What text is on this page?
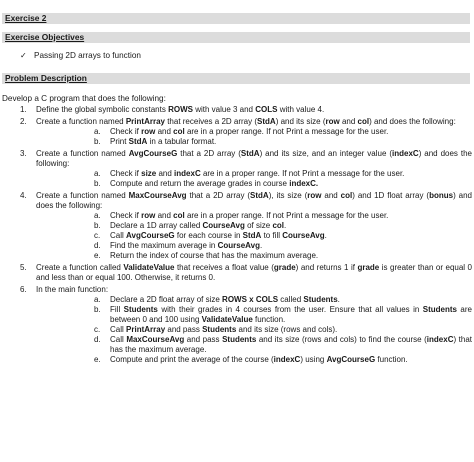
Exercise 2
Exercise Objectives
✓ Passing 2D arrays to function
Problem Description
Develop a C program that does the following:
1. Define the global symbolic constants ROWS with value 3 and COLS with value 4.
2. Create a function named PrintArray that receives a 2D array (StdA) and its size (row and col) and does the following:
a. Check if row and col are in a proper range. If not Print a message for the user.
b. Print StdA in a tabular format.
3. Create a function named AvgCourseG that a 2D array (StdA) and its size, and an integer value (indexC) and does the following:
a. Check if size and indexC are in a proper range. If not Print a message for the user.
b. Compute and return the average grades in course indexC.
4. Create a function named MaxCourseAvg that a 2D array (StdA), its size (row and col) and 1D float array (bonus) and does the following:
a. Check if row and col are in a proper range. If not Print a message for the user.
b. Declare a 1D array called CourseAvg of size col.
c. Call AvgCourseG for each course in StdA to fill CourseAvg.
d. Find the maximum average in CourseAvg.
e. Return the index of course that has the maximum average.
5. Create a function called ValidateValue that receives a float value (grade) and returns 1 if grade is greater than or equal 0 and less than or equal 100. Otherwise, it returns 0.
6. In the main function:
a. Declare a 2D float array of size ROWS x COLS called Students.
b. Fill Students with their grades in 4 courses from the user. Ensure that all values in Students are between 0 and 100 using ValidateValue function.
c. Call PrintArray and pass Students and its size (rows and cols).
d. Call MaxCourseAvg and pass Students and its size (rows and cols) to find the course (indexC) that has the maximum average.
e. Compute and print the average of the course (indexC) using AvgCourseG function.
